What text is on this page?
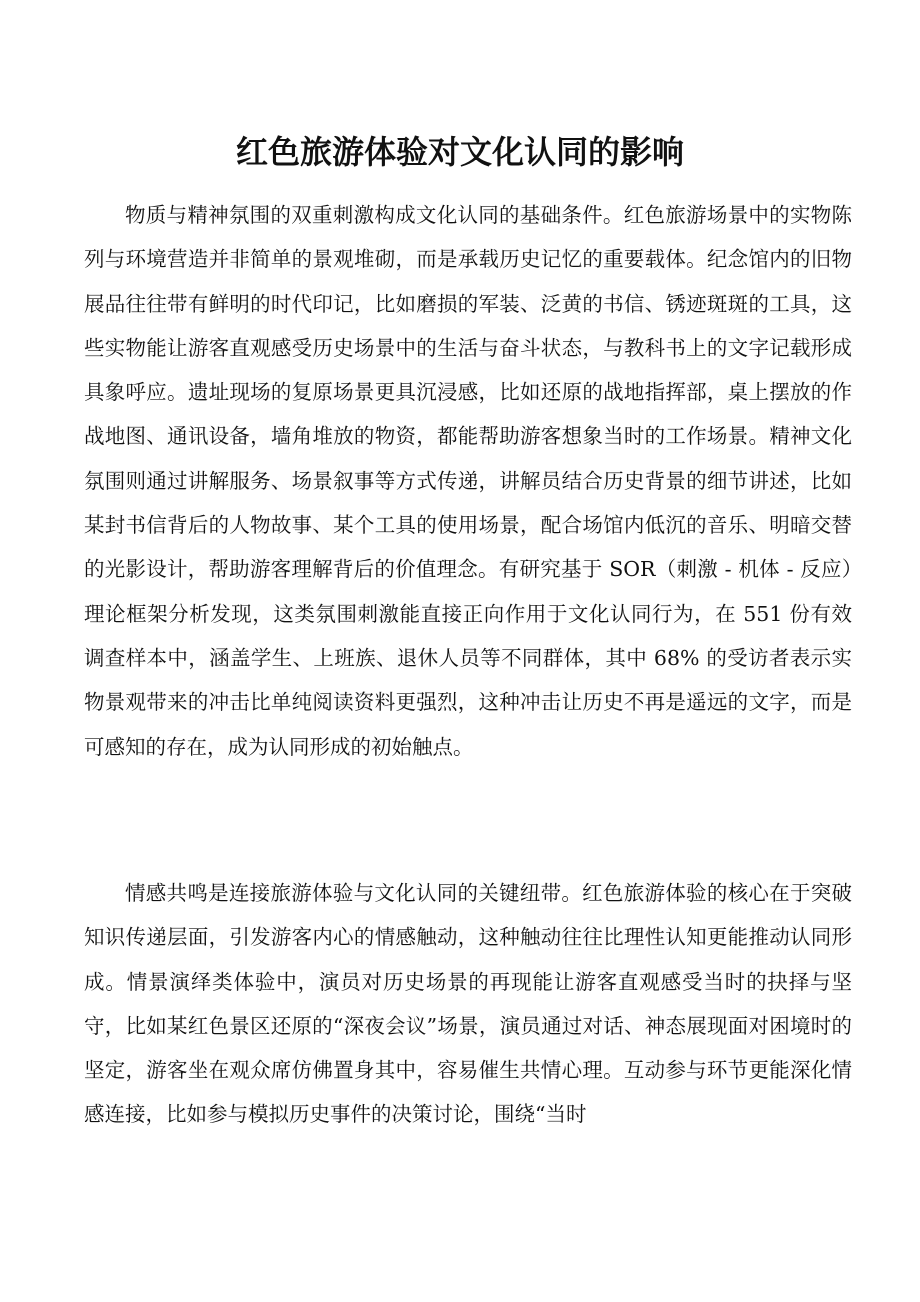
红色旅游体验对文化认同的影响

物质与精神氛围的双重刺激构成文化认同的基础条件。红色旅游场景中的实物陈列与环境营造并非简单的景观堆砌，而是承载历史记忆的重要载体。纪念馆内的旧物展品往往带有鲜明的时代印记，比如磨损的军装、泛黄的书信、锈迹斑斑的工具，这些实物能让游客直观感受历史场景中的生活与奋斗状态，与教科书上的文字记载形成具象呼应。遗址现场的复原场景更具沉浸感，比如还原的战地指挥部，桌上摆放的作战地图、通讯设备，墙角堆放的物资，都能帮助游客想象当时的工作场景。精神文化氛围则通过讲解服务、场景叙事等方式传递，讲解员结合历史背景的细节讲述，比如某封书信背后的人物故事、某个工具的使用场景，配合场馆内低沉的音乐、明暗交替的光影设计，帮助游客理解背后的价值理念。有研究基于 SOR（刺激 - 机体 - 反应）理论框架分析发现，这类氛围刺激能直接正向作用于文化认同行为，在 551 份有效调查样本中，涵盖学生、上班族、退休人员等不同群体，其中 68% 的受访者表示实物景观带来的冲击比单纯阅读资料更强烈，这种冲击让历史不再是遥远的文字，而是可感知的存在，成为认同形成的初始触点。

情感共鸣是连接旅游体验与文化认同的关键纽带。红色旅游体验的核心在于突破知识传递层面，引发游客内心的情感触动，这种触动往往比理性认知更能推动认同形成。情景演绎类体验中，演员对历史场景的再现能让游客直观感受当时的抉择与坚守，比如某红色景区还原的“深夜会议”场景，演员通过对话、神态展现面对困境时的坚定，游客坐在观众席仿佛置身其中，容易催生共情心理。互动参与环节更能深化情感连接，比如参与模拟历史事件的决策讨论，围绕“当时
